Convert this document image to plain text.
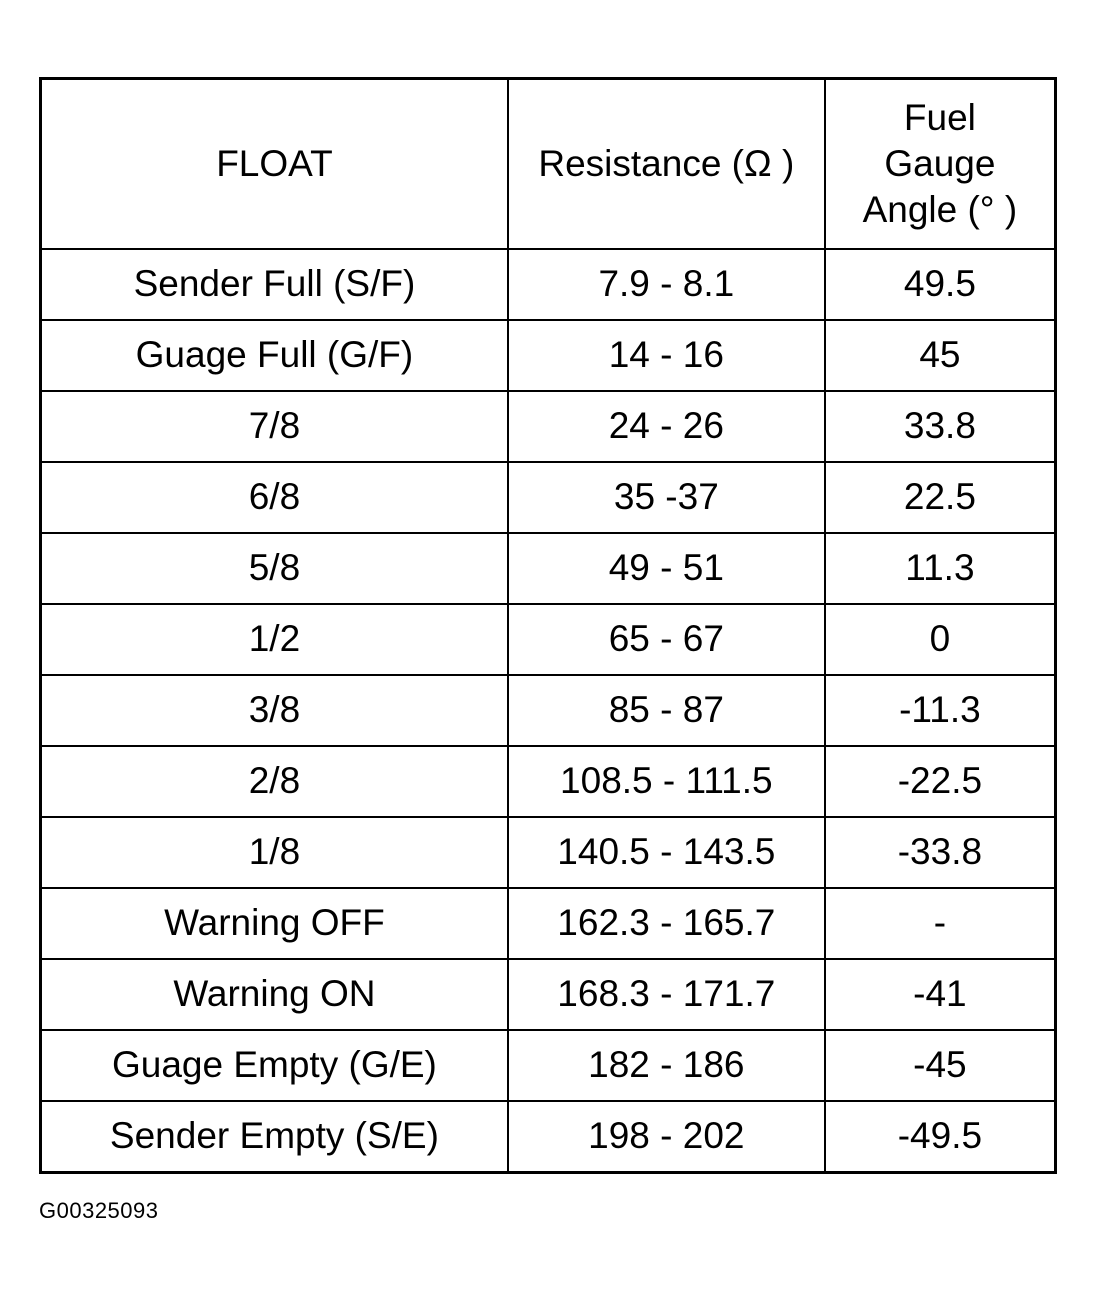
FLOAT	Resistance (Ω )	Fuel
Gauge
Angle (° )

Sender Full (S/F)	7.9 - 8.1	49.5
Guage Full (G/F)	14 - 16	45
7/8	24 - 26	33.8
6/8	35 -37	22.5
5/8	49 - 51	11.3
1/2	65 - 67	0
3/8	85 - 87	-11.3
2/8	108.5 - 111.5	-22.5
1/8	140.5 - 143.5	-33.8
Warning OFF	162.3 - 165.7	-
Warning ON	168.3 - 171.7	-41
Guage Empty (G/E)	182 - 186	-45
Sender Empty (S/E)	198 - 202	-49.5
G00325093
